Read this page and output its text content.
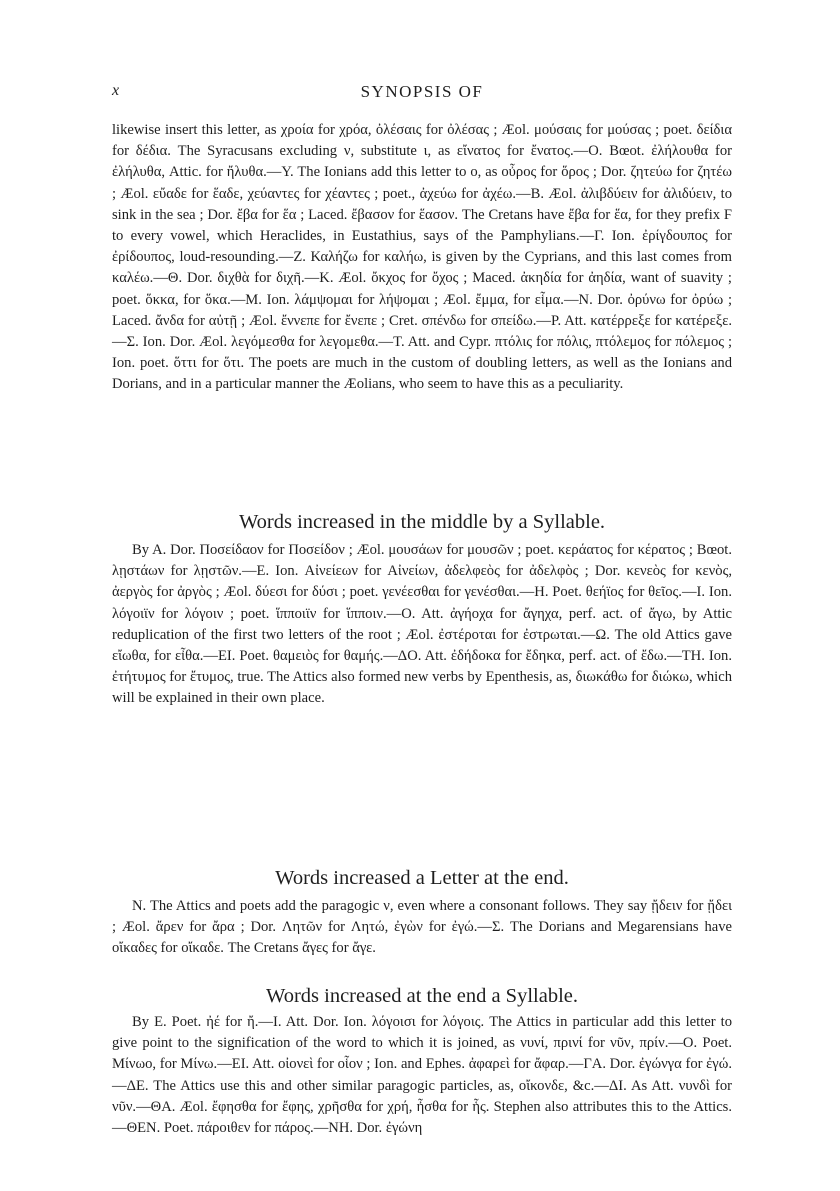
x	SYNOPSIS OF

likewise insert this letter, as χροία for χρόα, ὀλέσαις for ὀλέσας ; Æol. μούσαις for μούσας ; poet. δείδια for δέδια. The Syracusans excluding ν, substitute ι, as εἴνατος for ἔνατος.—O. Bœot. ἐλήλουθα for ἐλήλυθα, Attic. for ἤλυθα.—Y. The Ionians add this letter to ο, as οὖρος for ὅρος ; Dor. ζητεύω for ζητέω ; Æol. εὔαδε for ἕαδε, χεύαντες for χέαντες ; poet., ἀχεύω for ἀχέω.—B. Æol. ἀλιβδύειν for ἀλιδύειν, to sink in the sea ; Dor. ἔβα for ἕα ; Laced. ἔβασον for ἕασον. The Cretans have ἔβα for ἕα, for they prefix Ϝ to every vowel, which Heraclides, in Eustathius, says of the Pamphylians.—Γ. Ion. ἐρίγδουπος for ἐρίδουπος, loud-resounding.—Z. Καλήζω for καλήω, is given by the Cyprians, and this last comes from καλέω.—Θ. Dor. διχθὰ for διχῆ.—K. Æol. ὄκχος for ὄχος ; Maced. ἀκηδία for ἀηδία, want of suavity ; poet. ὅκκα, for ὅκα.—M. Ion. λάμψομαι for λήψομαι ; Æol. ἔμμα, for εἷμα.—N. Dor. ὀρύνω for ὀρύω ; Laced. ἄνδα for αὐτῇ ; Æol. ἔννεπε for ἔνεπε ; Cret. σπένδω for σπείδω.—P. Att. κατέρρεξε for κατέρεξε.—Σ. Ion. Dor. Æol. λεγόμεσθα for λεγομεθα.—T. Att. and Cypr. πτόλις for πόλις, πτόλεμος for πόλεμος ; Ion. poet. ὅττι for ὅτι. The poets are much in the custom of doubling letters, as well as the Ionians and Dorians, and in a particular manner the Æolians, who seem to have this as a peculiarity.

Words increased in the middle by a Syllable.

By A. Dor. Ποσείδαον for Ποσείδον ; Æol. μουσάων for μουσῶν ; poet. κεράατος for κέρατος ; Bœot. λῃστάων for λῃστῶν.—E. Ion. Αἰνείεων for Αἰνείων, ἀδελφεὸς for ἀδελφὸς ; Dor. κενεὸς for κενὸς, ἀεργὸς for ἀργὸς ; Æol. δύεσι for δύσι ; poet. γενέεσθαι for γενέσθαι.—H. Poet. θεήϊος for θεῖος.—I. Ion. λόγοιϊν for λόγοιν ; poet. ἵπποιϊν for ἵπποιν.—O. Att. ἀγήοχα for ἄγηχα, perf. act. of ἄγω, by Attic reduplication of the first two letters of the root ; Æol. ἐστέροται for ἐστρωται.—Ω. The old Attics gave εἴωθα, for εἶθα.—EI. Poet. θαμειὸς for θαμής.—ΔO. Att. ἐδήδοκα for ἔδηκα, perf. act. of ἔδω.—TH. Ion. ἐτήτυμος for ἔτυμος, true. The Attics also formed new verbs by Epenthesis, as, διωκάθω for διώκω, which will be explained in their own place.

Words increased a Letter at the end.

N. The Attics and poets add the paragogic ν, even where a consonant follows. They say ᾔδειν for ᾔδει ; Æol. ἄρεν for ἄρα ; Dor. Λητῶν for Λητώ, ἐγὼν for ἐγώ.—Σ. The Dorians and Megarensians have οἴκαδες for οἴκαδε. The Cretans ἄγες for ἄγε.

Words increased at the end a Syllable.

By E. Poet. ἠέ for ἤ.—I. Att. Dor. Ion. λόγοισι for λόγοις. The Attics in particular add this letter to give point to the signification of the word to which it is joined, as νυνί, πρινί for νῦν, πρίν.—O. Poet. Μίνωο, for Μίνω.—EI. Att. οἰονεὶ for οἷον ; Ion. and Ephes. ἀφαρεὶ for ἄφαρ.—ΓA. Dor. ἐγώνγα for ἐγώ.—ΔE. The Attics use this and other similar paragogic particles, as, οἴκονδε, &c.—ΔI. As Att. νυνδὶ for νῦν.—ΘA. Æol. ἔφησθα for ἔφης, χρῆσθα for χρή, ἦσθα for ἧς. Stephen also attributes this to the Attics.—ΘEN. Poet. πάροιθεν for πάρος.—NH. Dor. ἐγώνη
